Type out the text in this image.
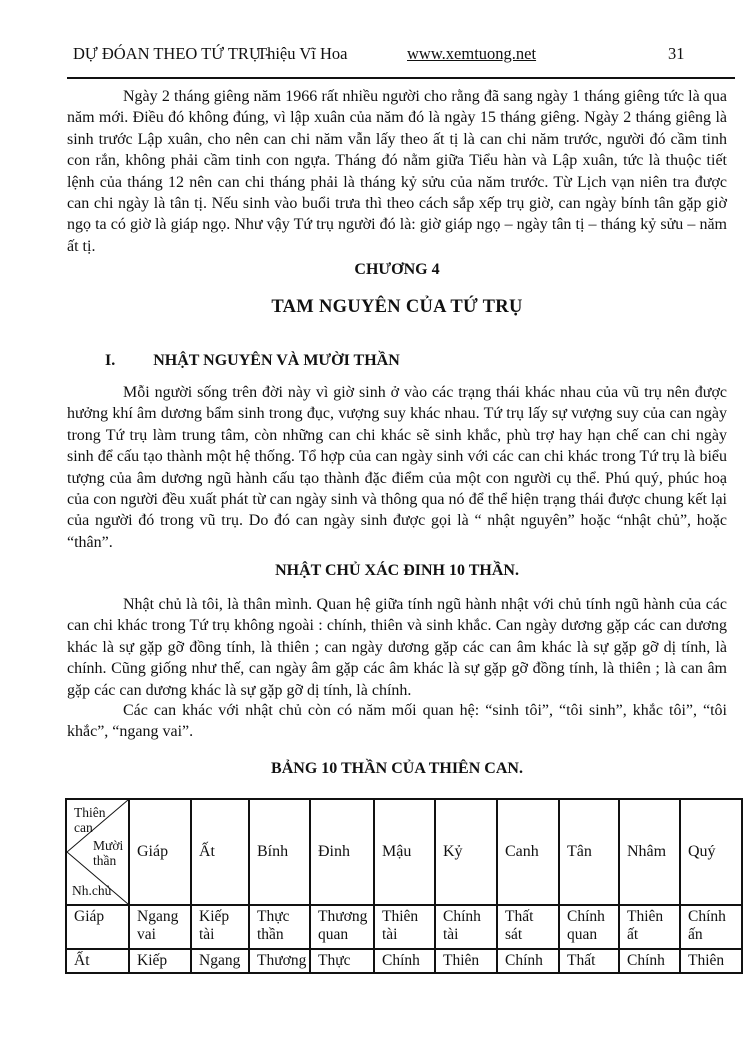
DỰ ĐÓAN THEO TỨ TRỤ -
Thiệu Vĩ Hoa	www.xemtuong.net	31
Ngày 2 tháng giêng năm 1966 rất nhiều người cho rằng đã sang ngày 1 tháng giêng tức là qua năm mới. Điều đó không đúng, vì lập xuân của năm đó là ngày 15 tháng giêng. Ngày 2 tháng giêng là sinh trước Lập xuân, cho nên can chi năm vẫn lấy theo ất tị là can chi năm trước, người đó cầm tinh con rắn, không phải cầm tinh con ngựa. Tháng đó nằm giữa Tiểu hàn và Lập xuân, tức là thuộc tiết lệnh của tháng 12 nên can chi tháng phải là tháng kỷ sửu của năm trước. Từ Lịch vạn niên tra được can chi ngày là tân tị. Nếu sinh vào buổi trưa thì theo cách sắp xếp trụ giờ, can ngày bính tân gặp giờ ngọ ta có giờ là giáp ngọ. Như vậy Tứ trụ người đó là: giờ giáp ngọ – ngày tân tị – tháng kỷ sửu – năm ất tị.
CHƯƠNG 4
TAM NGUYÊN CỦA TỨ TRỤ
I. NHẬT NGUYÊN VÀ MƯỜI THẦN
Mỗi người sống trên đời này vì giờ sinh ở vào các trạng thái khác nhau của vũ trụ nên được hưởng khí âm dương bẩm sinh trong đục, vượng suy khác nhau. Tứ trụ lấy sự vượng suy của can ngày trong Tứ trụ làm trung tâm, còn những can chi khác sẽ sinh khắc, phù trợ hay hạn chế can chi ngày sinh để cấu tạo thành một hệ thống. Tổ hợp của can ngày sinh với các can chi khác trong Tứ trụ là biểu tượng của âm dương ngũ hành cấu tạo thành đặc điểm của một con người cụ thể. Phú quý, phúc hoạ của con người đều xuất phát từ can ngày sinh và thông qua nó để thể hiện trạng thái được chung kết lại của người đó trong vũ trụ. Do đó can ngày sinh được gọi là “ nhật nguyên” hoặc “nhật chủ”, hoặc “thân”.
NHẬT CHỦ XÁC ĐINH 10 THẦN.
Nhật chủ là tôi, là thân mình. Quan hệ giữa tính ngũ hành nhật với chủ tính ngũ hành của các can chi khác trong Tứ trụ không ngoài : chính, thiên và sinh khắc. Can ngày dương gặp các can dương khác là sự gặp gỡ đồng tính, là thiên ; can ngày dương gặp các can âm khác là sự gặp gỡ dị tính, là chính. Cũng giống như thế, can ngày âm gặp các âm khác là sự gặp gỡ đồng tính, là thiên ; là can âm gặp các can dương khác là sự gặp gỡ dị tính, là chính.
Các can khác với nhật chủ còn có năm mối quan hệ: “sinh tôi”, “tôi sinh”, khắc tôi”, “tôi khắc”, “ngang vai”.
BẢNG 10 THẦN CỦA THIÊN CAN.
Thiên can
Mười thần
Nh.chủ	Giáp	Ất	Bính	Đinh	Mậu	Kỷ	Canh	Tân	Nhâm	Quý
Giáp	Ngang vai	Kiếp tài	Thực thần	Thương quan	Thiên tài	Chính tài	Thất sát	Chính quan	Thiên ất	Chính ấn
Ất	Kiếp	Ngang	Thương	Thực	Chính	Thiên	Chính	Thất	Chính	Thiên
